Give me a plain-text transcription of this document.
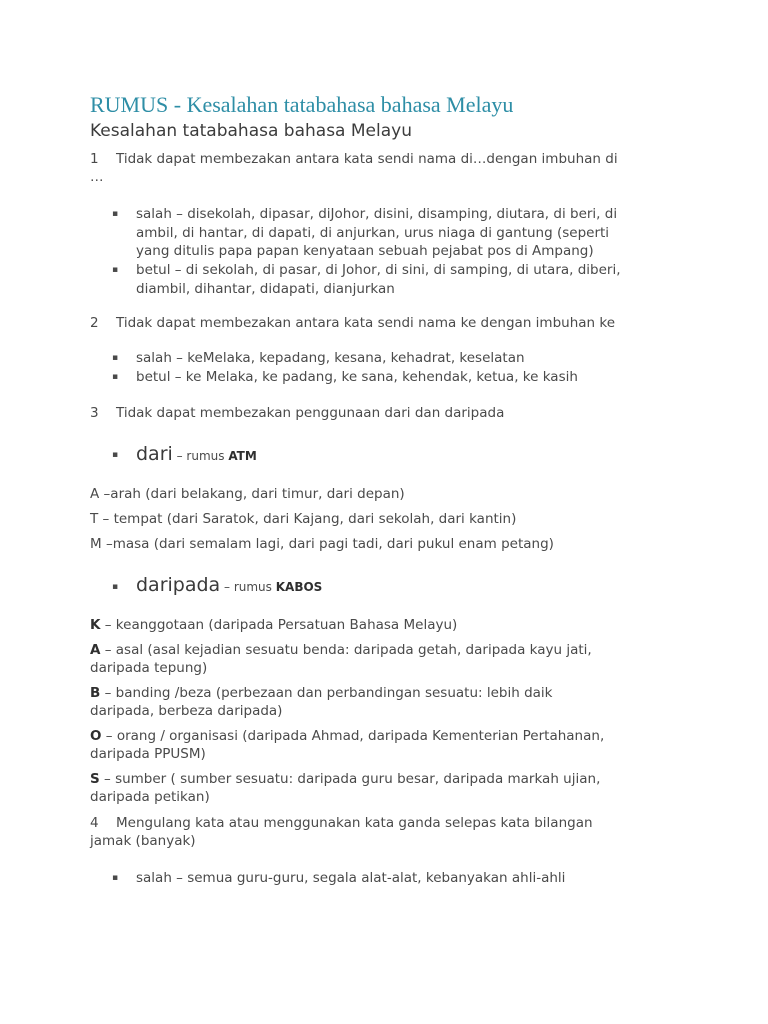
RUMUS - Kesalahan tatabahasa bahasa Melayu
Kesalahan tatabahasa bahasa Melayu
1 Tidak dapat membezakan antara kata sendi nama di…dengan imbuhan di
…
▪ salah – disekolah, dipasar, diJohor, disini, disamping, diutara, di beri, di
ambil, di hantar, di dapati, di anjurkan, urus niaga di gantung (seperti
yang ditulis papa papan kenyataan sebuah pejabat pos di Ampang)
▪ betul – di sekolah, di pasar, di Johor, di sini, di samping, di utara, diberi,
diambil, dihantar, didapati, dianjurkan
2 Tidak dapat membezakan antara kata sendi nama ke dengan imbuhan ke
▪ salah – keMelaka, kepadang, kesana, kehadrat, keselatan
▪ betul – ke Melaka, ke padang, ke sana, kehendak, ketua, ke kasih
3 Tidak dapat membezakan penggunaan dari dan daripada
▪ dari – rumus ATM
A –arah (dari belakang, dari timur, dari depan)
T – tempat (dari Saratok, dari Kajang, dari sekolah, dari kantin)
M –masa (dari semalam lagi, dari pagi tadi, dari pukul enam petang)
▪ daripada – rumus KABOS
K – keanggotaan (daripada Persatuan Bahasa Melayu)
A – asal (asal kejadian sesuatu benda: daripada getah, daripada kayu jati,
daripada tepung)
B – banding /beza (perbezaan dan perbandingan sesuatu: lebih daik
daripada, berbeza daripada)
O – orang / organisasi (daripada Ahmad, daripada Kementerian Pertahanan,
daripada PPUSM)
S – sumber ( sumber sesuatu: daripada guru besar, daripada markah ujian,
daripada petikan)
4 Mengulang kata atau menggunakan kata ganda selepas kata bilangan
jamak (banyak)
▪ salah – semua guru-guru, segala alat-alat, kebanyakan ahli-ahli
